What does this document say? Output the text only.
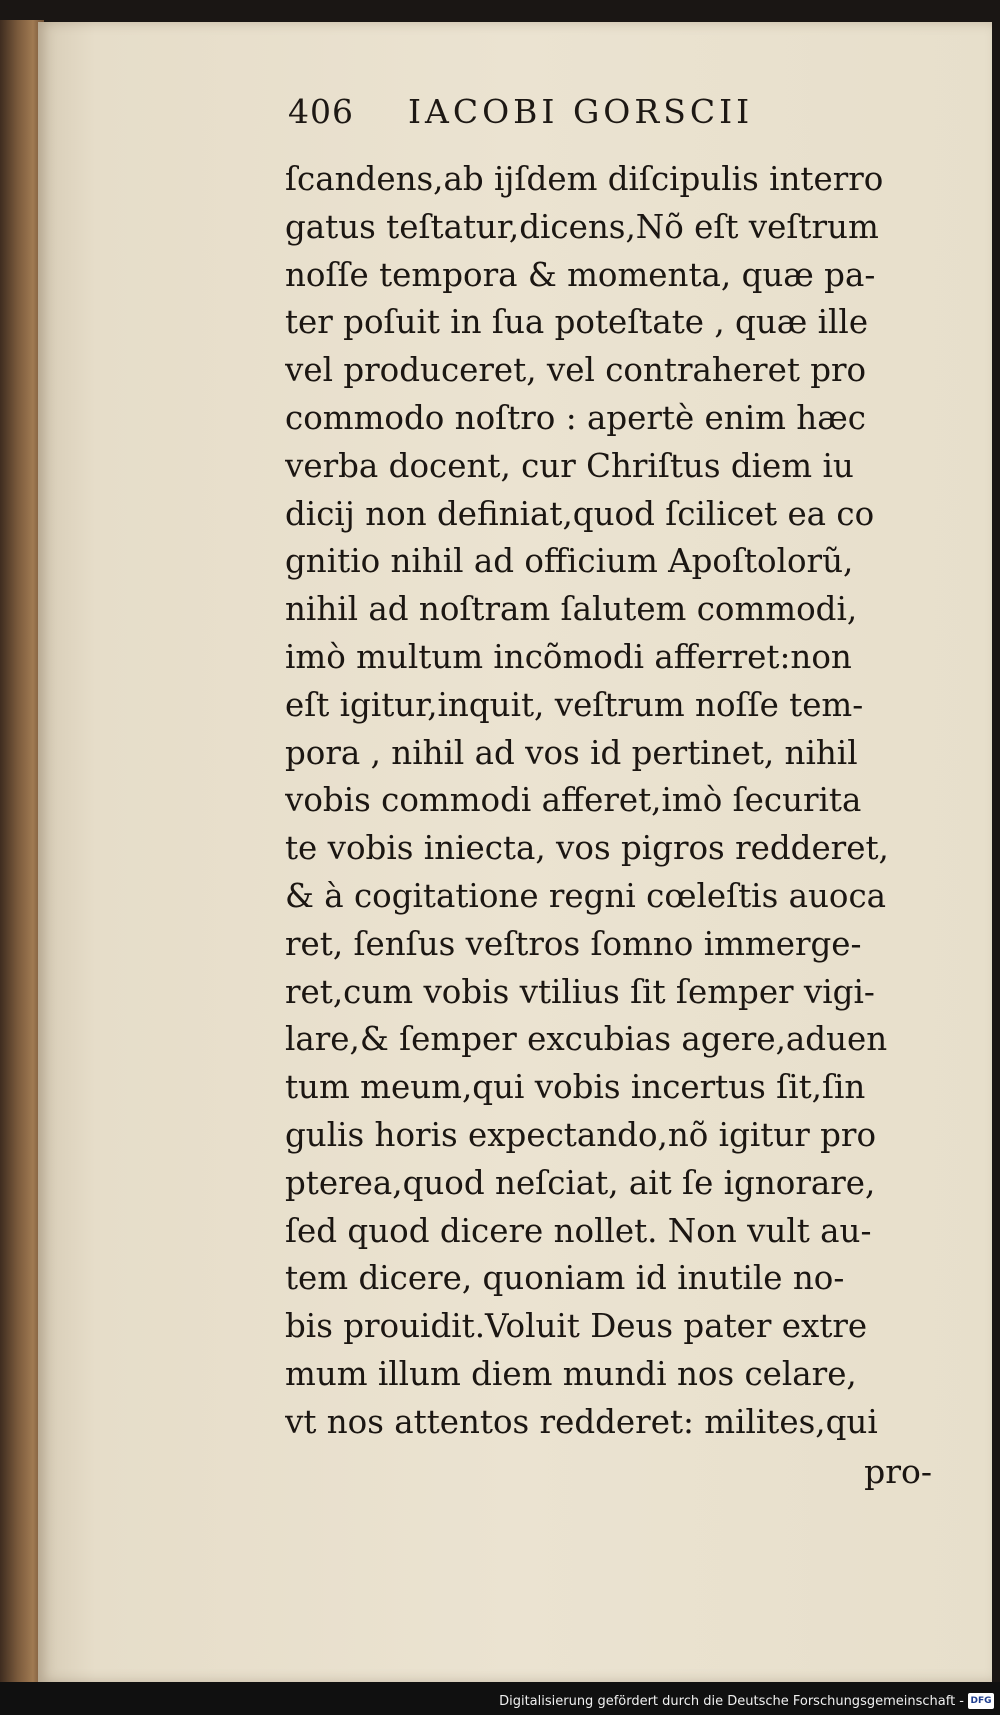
406 IACOBI GORSCII
ſcandens,ab ijſdem diſcipulis interro
gatus teſtatur,dicens,Nõ eſt veſtrum
noſſe tempora & momenta, quæ pa-
ter poſuit in ſua poteſtate , quæ ille
vel produceret, vel contraheret pro
commodo noſtro : apertè enim hæc
verba docent, cur Chriſtus diem iu
dicij non definiat,quod ſcilicet ea co
gnitio nihil ad officium Apoſtolorũ,
nihil ad noſtram ſalutem commodi,
imò multum incõmodi afferret:non
eſt igitur,inquit, veſtrum noſſe tem-
pora , nihil ad vos id pertinet, nihil
vobis commodi afferet,imò ſecurita
te vobis iniecta, vos pigros redderet,
& à cogitatione regni cœleſtis auoca
ret, ſenſus veſtros ſomno immerge-
ret,cum vobis vtilius ſit ſemper vigi-
lare,& ſemper excubias agere,aduen
tum meum,qui vobis incertus ſit,ſin
gulis horis expectando,nõ igitur pro
pterea,quod neſciat, ait ſe ignorare,
ſed quod dicere nollet. Non vult au-
tem dicere, quoniam id inutile no-
bis prouidit.Voluit Deus pater extre
mum illum diem mundi nos celare,
vt nos attentos redderet: milites,qui
pro-
Digitalisierung gefördert durch die Deutsche Forschungsgemeinschaft - DFG
